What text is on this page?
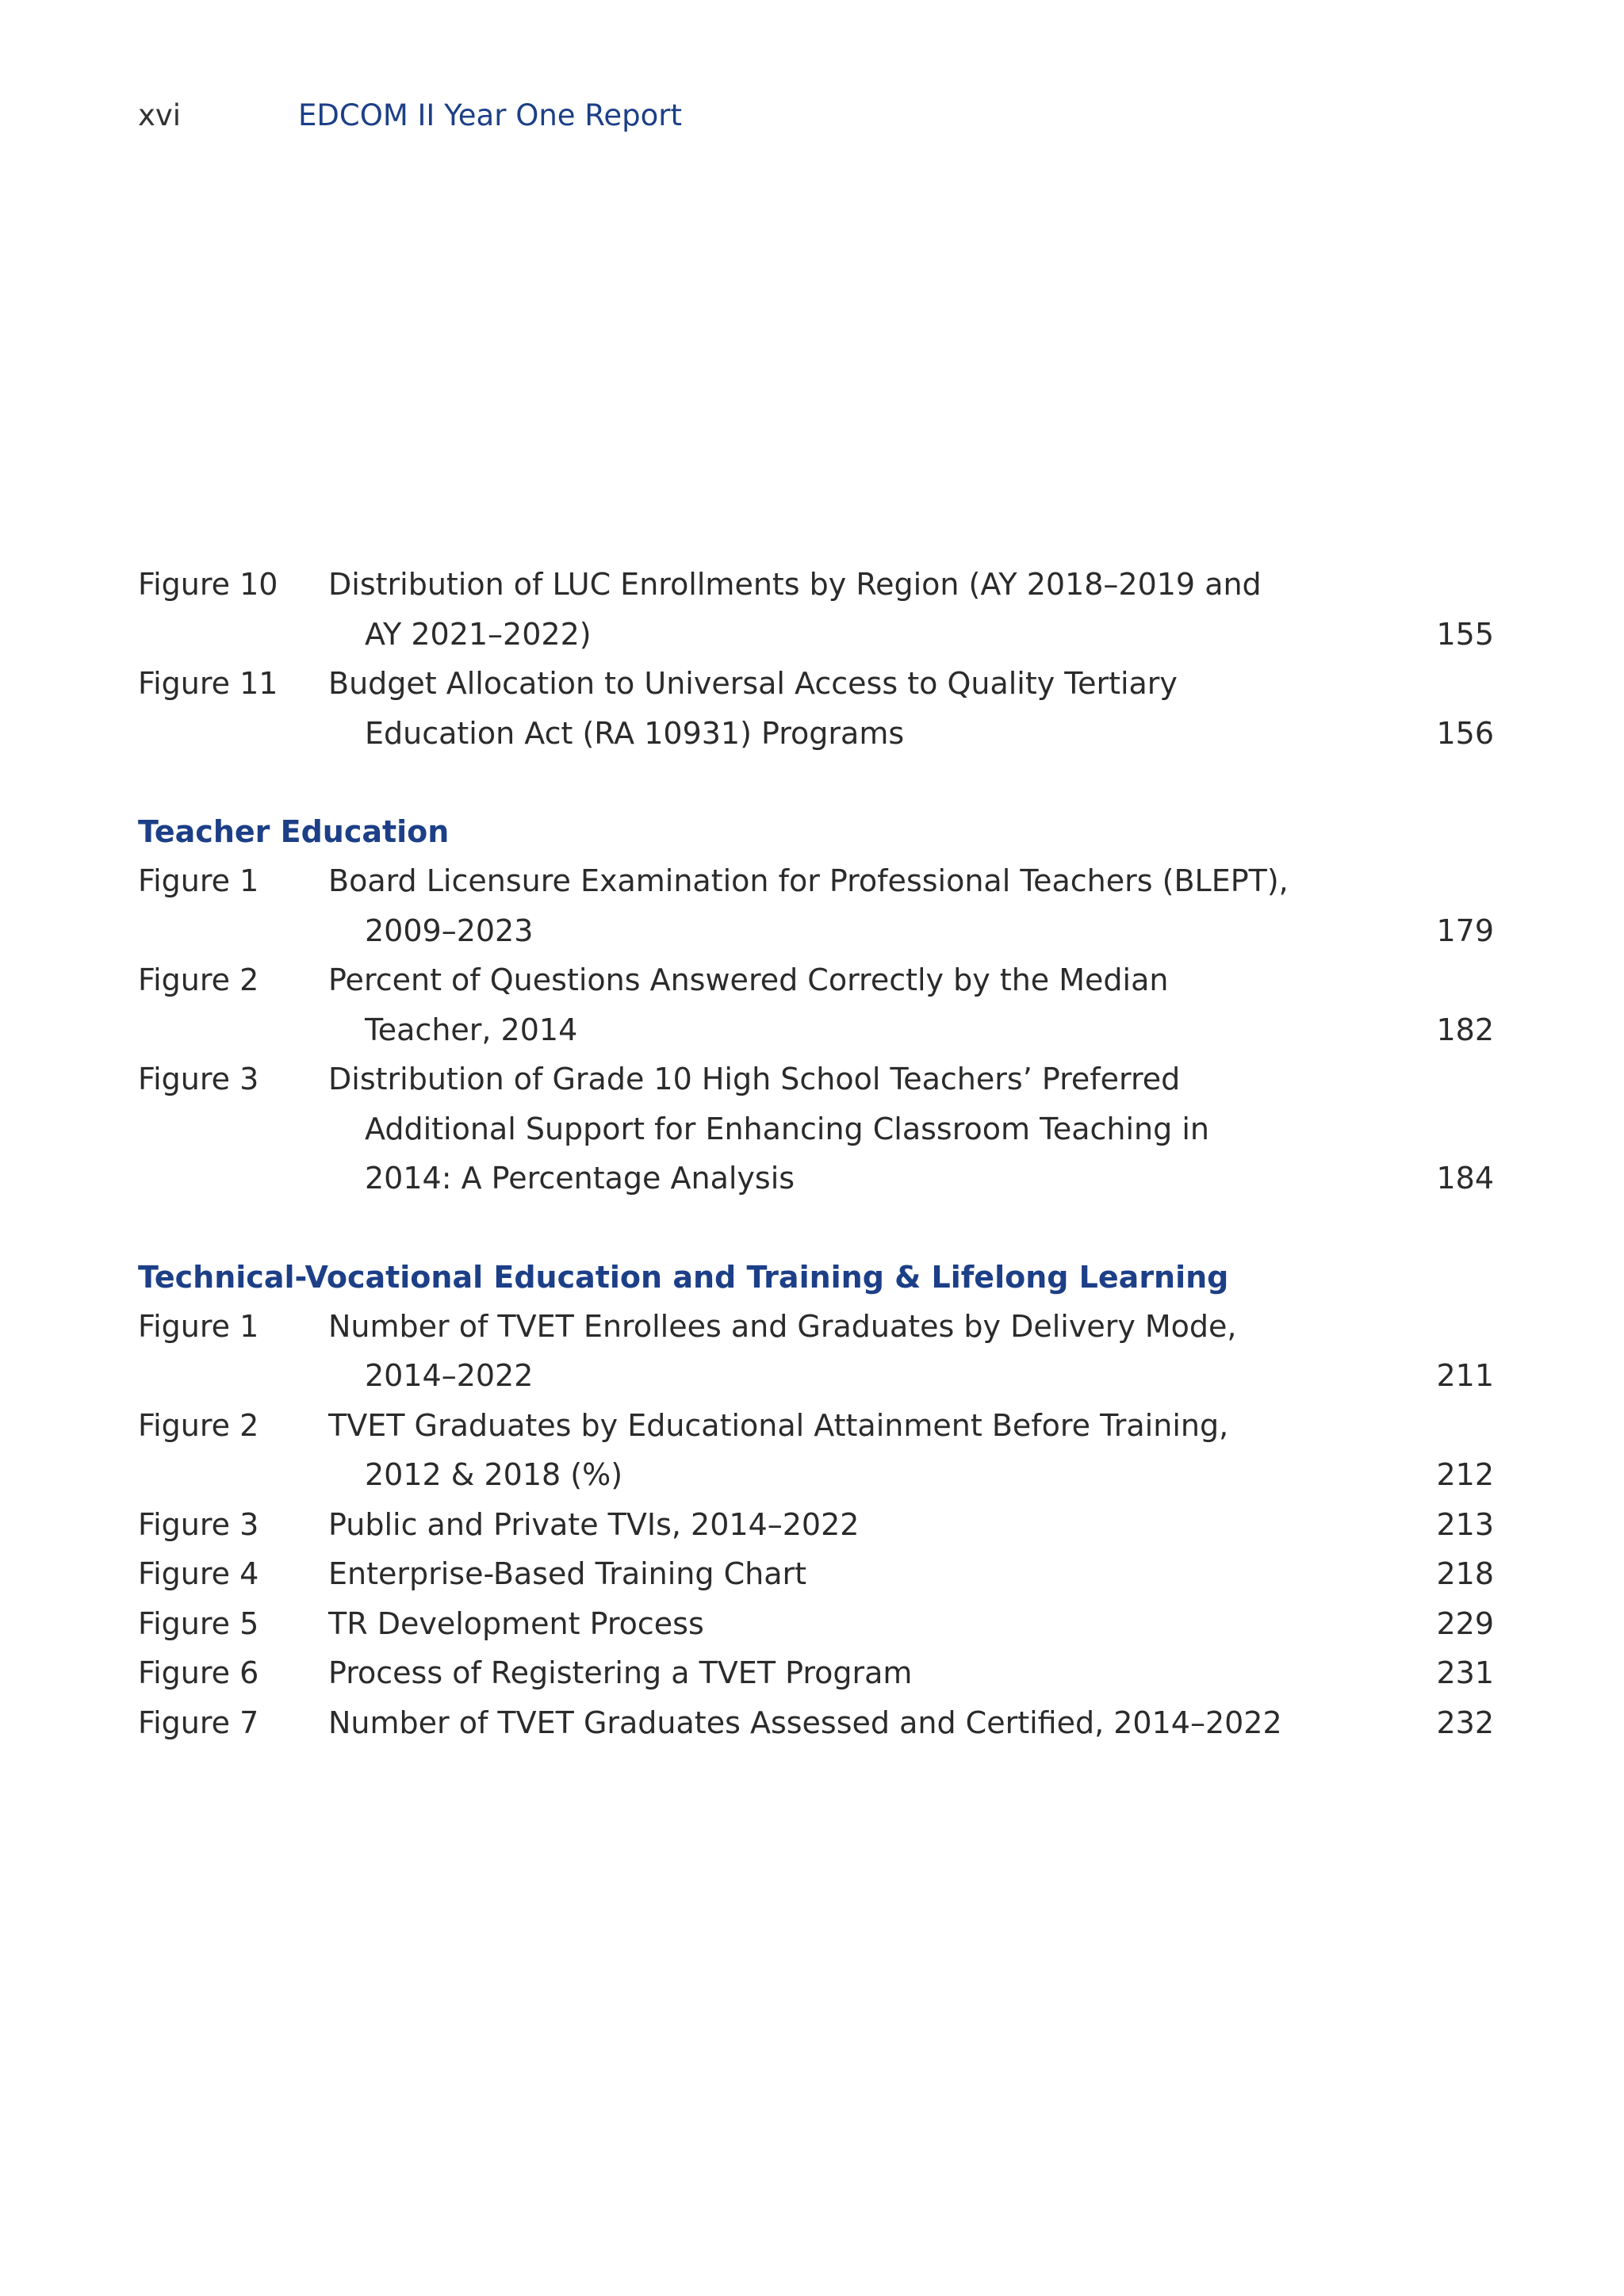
xvi	EDCOM II Year One Report
Figure 10	Distribution of LUC Enrollments by Region (AY 2018–2019 and
AY 2021–2022)	155
Figure 11	Budget Allocation to Universal Access to Quality Tertiary
Education Act (RA 10931) Programs	156
Teacher Education
Figure 1	Board Licensure Examination for Professional Teachers (BLEPT),
2009–2023	179
Figure 2	Percent of Questions Answered Correctly by the Median
Teacher, 2014	182
Figure 3	Distribution of Grade 10 High School Teachers’ Preferred
Additional Support for Enhancing Classroom Teaching in
2014: A Percentage Analysis	184
Technical-Vocational Education and Training & Lifelong Learning
Figure 1	Number of TVET Enrollees and Graduates by Delivery Mode,
2014–2022	211
Figure 2	TVET Graduates by Educational Attainment Before Training,
2012 & 2018 (%)	212
Figure 3	Public and Private TVIs, 2014–2022	213
Figure 4	Enterprise-Based Training Chart	218
Figure 5	TR Development Process	229
Figure 6	Process of Registering a TVET Program	231
Figure 7	Number of TVET Graduates Assessed and Certified, 2014–2022	232
